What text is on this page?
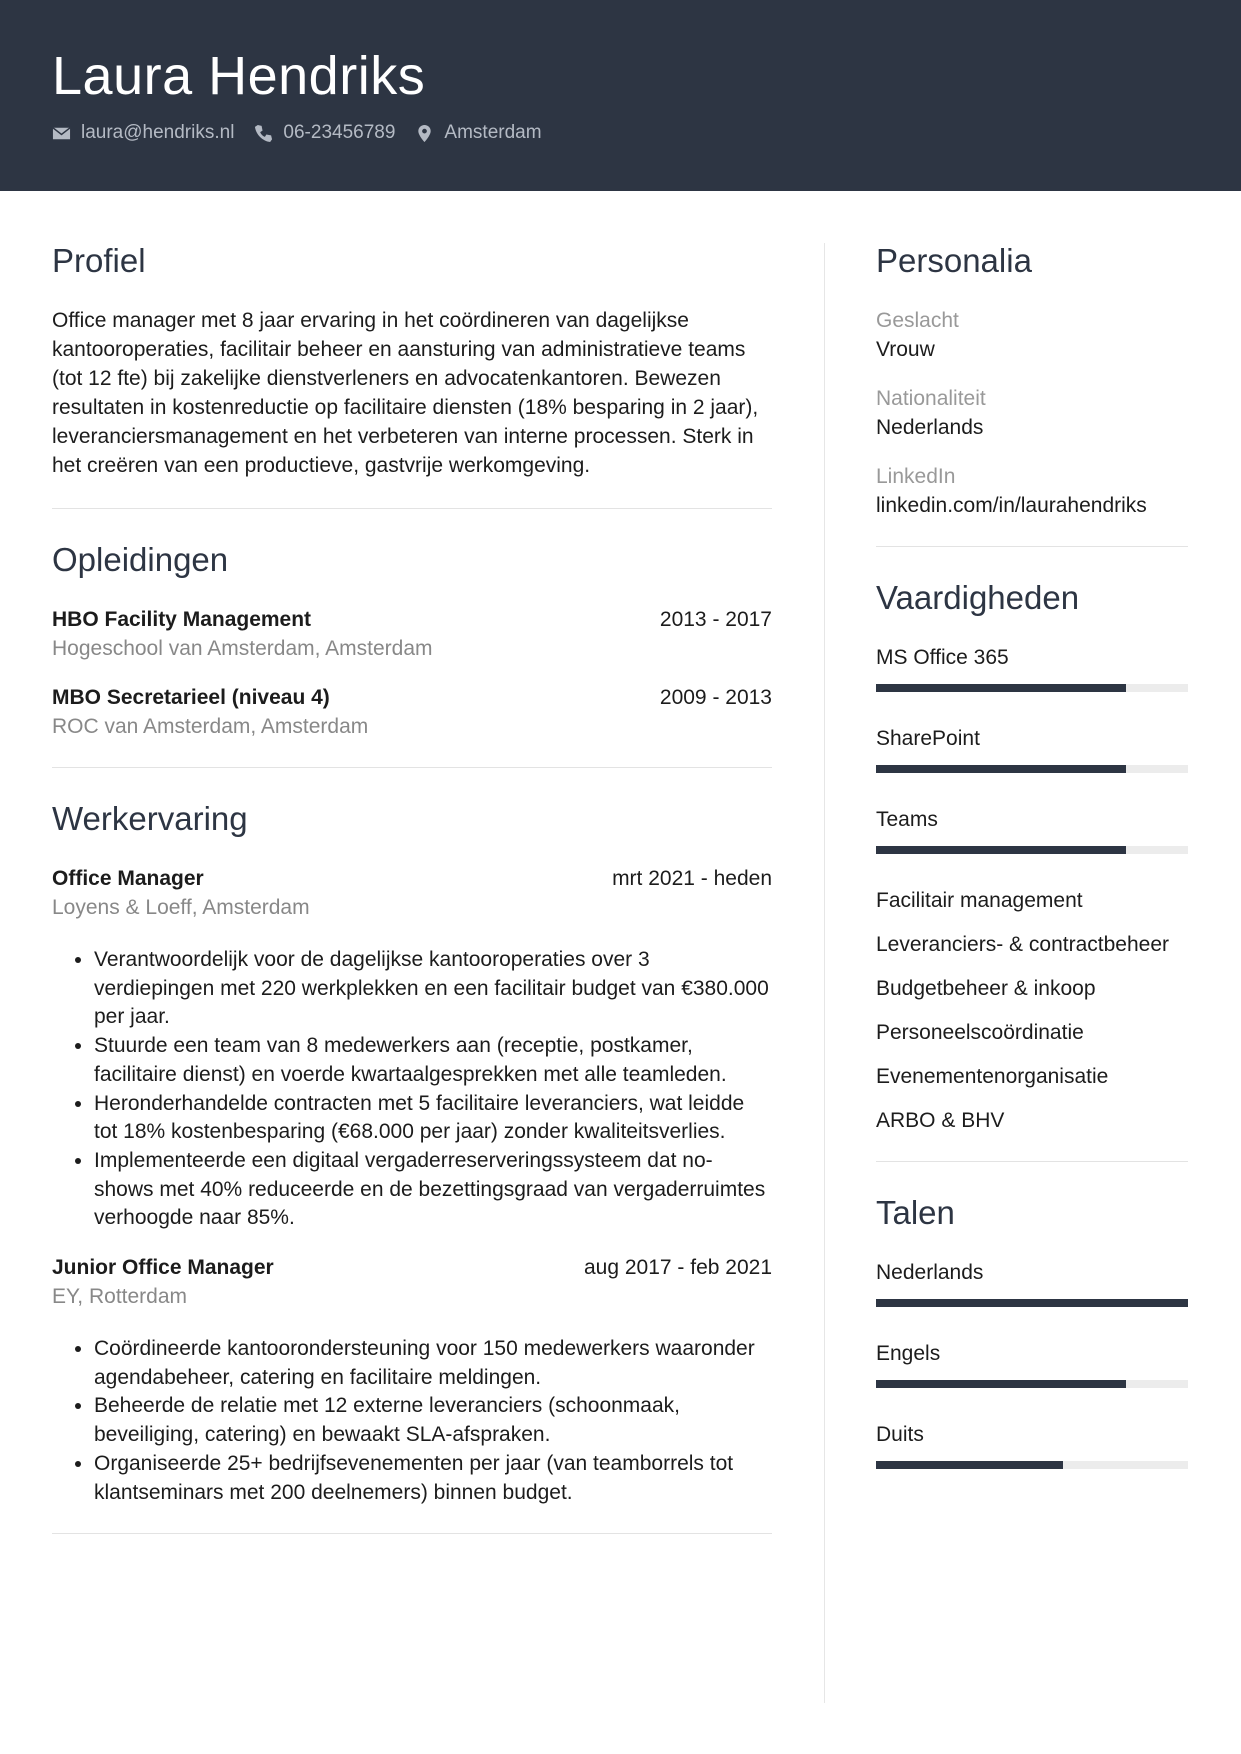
Laura Hendriks
laura@hendriks.nl	06-23456789	Amsterdam
Profiel

Office manager met 8 jaar ervaring in het coördineren van dagelijkse kantooroperaties, facilitair beheer en aansturing van administratieve teams (tot 12 fte) bij zakelijke dienstverleners en advocatenkantoren. Bewezen resultaten in kostenreductie op facilitaire diensten (18% besparing in 2 jaar), leveranciersmanagement en het verbeteren van interne processen. Sterk in het creëren van een productieve, gastvrije werkomgeving.

Opleidingen
HBO Facility Management	2013 - 2017
Hogeschool van Amsterdam, Amsterdam
MBO Secretarieel (niveau 4)	2009 - 2013
ROC van Amsterdam, Amsterdam
Werkervaring
Office Manager	mrt 2021 - heden
Loyens & Loeff, Amsterdam
• Verantwoordelijk voor de dagelijkse kantooroperaties over 3 verdiepingen met 220 werkplekken en een facilitair budget van €380.000 per jaar.
• Stuurde een team van 8 medewerkers aan (receptie, postkamer, facilitaire dienst) en voerde kwartaalgesprekken met alle teamleden.
• Heronderhandelde contracten met 5 facilitaire leveranciers, wat leidde tot 18% kostenbesparing (€68.000 per jaar) zonder kwaliteitsverlies.
• Implementeerde een digitaal vergaderreserveringssysteem dat no-shows met 40% reduceerde en de bezettingsgraad van vergaderruimtes verhoogde naar 85%.
Junior Office Manager	aug 2017 - feb 2021
EY, Rotterdam
• Coördineerde kantoorondersteuning voor 150 medewerkers waaronder agendabeheer, catering en facilitaire meldingen.
• Beheerde de relatie met 12 externe leveranciers (schoonmaak, beveiliging, catering) en bewaakt SLA-afspraken.
• Organiseerde 25+ bedrijfsevenementen per jaar (van teamborrels tot klantseminars met 200 deelnemers) binnen budget.
Personalia
Geslacht
Vrouw
Nationaliteit
Nederlands
LinkedIn
linkedin.com/in/laurahendriks
Vaardigheden
MS Office 365
SharePoint
Teams
Facilitair management
Leveranciers- & contractbeheer
Budgetbeheer & inkoop
Personeelscoördinatie
Evenementenorganisatie
ARBO & BHV
Talen
Nederlands
Engels
Duits
